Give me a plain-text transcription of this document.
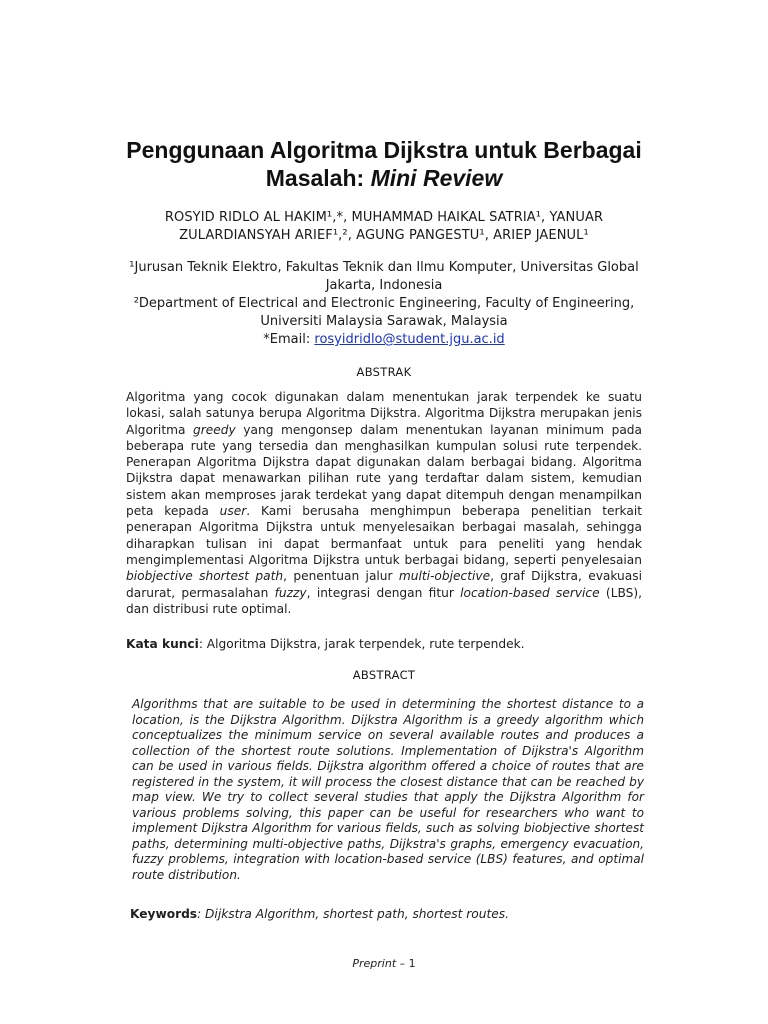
Penggunaan Algoritma Dijkstra untuk Berbagai Masalah: Mini Review
ROSYID RIDLO AL HAKIM¹,*, MUHAMMAD HAIKAL SATRIA¹, YANUAR
ZULARDIANSYAH ARIEF¹,², AGUNG PANGESTU¹, ARIEP JAENUL¹
¹Jurusan Teknik Elektro, Fakultas Teknik dan Ilmu Komputer, Universitas Global Jakarta, Indonesia
²Department of Electrical and Electronic Engineering, Faculty of Engineering, Universiti Malaysia Sarawak, Malaysia
*Email: rosyidridlo@student.jgu.ac.id
ABSTRAK
Algoritma yang cocok digunakan dalam menentukan jarak terpendek ke suatu lokasi, salah satunya berupa Algoritma Dijkstra. Algoritma Dijkstra merupakan jenis Algoritma greedy yang mengonsep dalam menentukan layanan minimum pada beberapa rute yang tersedia dan menghasilkan kumpulan solusi rute terpendek. Penerapan Algoritma Dijkstra dapat digunakan dalam berbagai bidang. Algoritma Dijkstra dapat menawarkan pilihan rute yang terdaftar dalam sistem, kemudian sistem akan memproses jarak terdekat yang dapat ditempuh dengan menampilkan peta kepada user. Kami berusaha menghimpun beberapa penelitian terkait penerapan Algoritma Dijkstra untuk menyelesaikan berbagai masalah, sehingga diharapkan tulisan ini dapat bermanfaat untuk para peneliti yang hendak mengimplementasi Algoritma Dijkstra untuk berbagai bidang, seperti penyelesaian biobjective shortest path, penentuan jalur multi-objective, graf Dijkstra, evakuasi darurat, permasalahan fuzzy, integrasi dengan fitur location-based service (LBS), dan distribusi rute optimal.
Kata kunci: Algoritma Dijkstra, jarak terpendek, rute terpendek.
ABSTRACT
Algorithms that are suitable to be used in determining the shortest distance to a location, is the Dijkstra Algorithm. Dijkstra Algorithm is a greedy algorithm which conceptualizes the minimum service on several available routes and produces a collection of the shortest route solutions. Implementation of Dijkstra's Algorithm can be used in various fields. Dijkstra algorithm offered a choice of routes that are registered in the system, it will process the closest distance that can be reached by map view. We try to collect several studies that apply the Dijkstra Algorithm for various problems solving, this paper can be useful for researchers who want to implement Dijkstra Algorithm for various fields, such as solving biobjective shortest paths, determining multi-objective paths, Dijkstra's graphs, emergency evacuation, fuzzy problems, integration with location-based service (LBS) features, and optimal route distribution.
Keywords: Dijkstra Algorithm, shortest path, shortest routes.
Preprint – 1
